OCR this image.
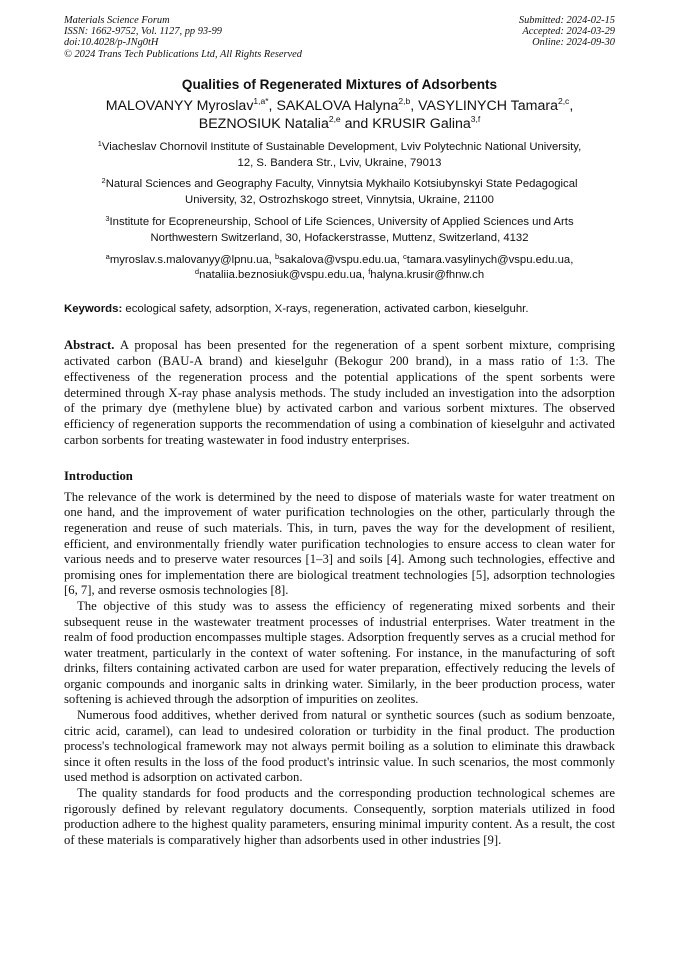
Materials Science Forum
ISSN: 1662-9752, Vol. 1127, pp 93-99
doi:10.4028/p-JNg0tH
© 2024 Trans Tech Publications Ltd, All Rights Reserved
Submitted: 2024-02-15
Accepted: 2024-03-29
Online: 2024-09-30
Qualities of Regenerated Mixtures of Adsorbents
MALOVANYY Myroslav$^{1,a*}$, SAKALOVA Halyna$^{2,b}$, VASYLINYCH Tamara$^{2,c}$,
BEZNOSIUK Natalia$^{2,e}$ and KRUSIR Galina$^{3,f}$
$^1$Viacheslav Chornovil Institute of Sustainable Development, Lviv Polytechnic National University,
12, S. Bandera Str., Lviv, Ukraine, 79013
$^2$Natural Sciences and Geography Faculty, Vinnytsia Mykhailo Kotsiubynskyi State Pedagogical
University, 32, Ostrozhskogo street, Vinnytsia, Ukraine, 21100
$^3$Institute for Ecopreneurship, School of Life Sciences, University of Applied Sciences und Arts
Northwestern Switzerland, 30, Hofackerstrasse, Muttenz, Switzerland, 4132
$^a$myroslav.s.malovanyy@lpnu.ua, $^b$sakalova@vspu.edu.ua, $^c$tamara.vasylinych@vspu.edu.ua,
$^d$nataliia.beznosiuk@vspu.edu.ua, $^f$halyna.krusir@fhnw.ch
Keywords: ecological safety, adsorption, X-rays, regeneration, activated carbon, kieselguhr.
Abstract. A proposal has been presented for the regeneration of a spent sorbent mixture, comprising activated carbon (BAU-A brand) and kieselguhr (Bekogur 200 brand), in a mass ratio of 1:3. The effectiveness of the regeneration process and the potential applications of the spent sorbents were determined through X-ray phase analysis methods. The study included an investigation into the adsorption of the primary dye (methylene blue) by activated carbon and various sorbent mixtures. The observed efficiency of regeneration supports the recommendation of using a combination of kieselguhr and activated carbon sorbents for treating wastewater in food industry enterprises.
Introduction

The relevance of the work is determined by the need to dispose of materials waste for water treatment on one hand, and the improvement of water purification technologies on the other, particularly through the regeneration and reuse of such materials. This, in turn, paves the way for the development of resilient, efficient, and environmentally friendly water purification technologies to ensure access to clean water for various needs and to preserve water resources [1–3] and soils [4]. Among such technologies, effective and promising ones for implementation there are biological treatment technologies [5], adsorption technologies [6, 7], and reverse osmosis technologies [8].

The objective of this study was to assess the efficiency of regenerating mixed sorbents and their subsequent reuse in the wastewater treatment processes of industrial enterprises. Water treatment in the realm of food production encompasses multiple stages. Adsorption frequently serves as a crucial method for water treatment, particularly in the context of water softening. For instance, in the manufacturing of soft drinks, filters containing activated carbon are used for water preparation, effectively reducing the levels of organic compounds and inorganic salts in drinking water. Similarly, in the beer production process, water softening is achieved through the adsorption of impurities on zeolites.

Numerous food additives, whether derived from natural or synthetic sources (such as sodium benzoate, citric acid, caramel), can lead to undesired coloration or turbidity in the final product. The production process's technological framework may not always permit boiling as a solution to eliminate this drawback since it often results in the loss of the food product's intrinsic value. In such scenarios, the most commonly used method is adsorption on activated carbon.

The quality standards for food products and the corresponding production technological schemes are rigorously defined by relevant regulatory documents. Consequently, sorption materials utilized in food production adhere to the highest quality parameters, ensuring minimal impurity content. As a result, the cost of these materials is comparatively higher than adsorbents used in other industries [9].
